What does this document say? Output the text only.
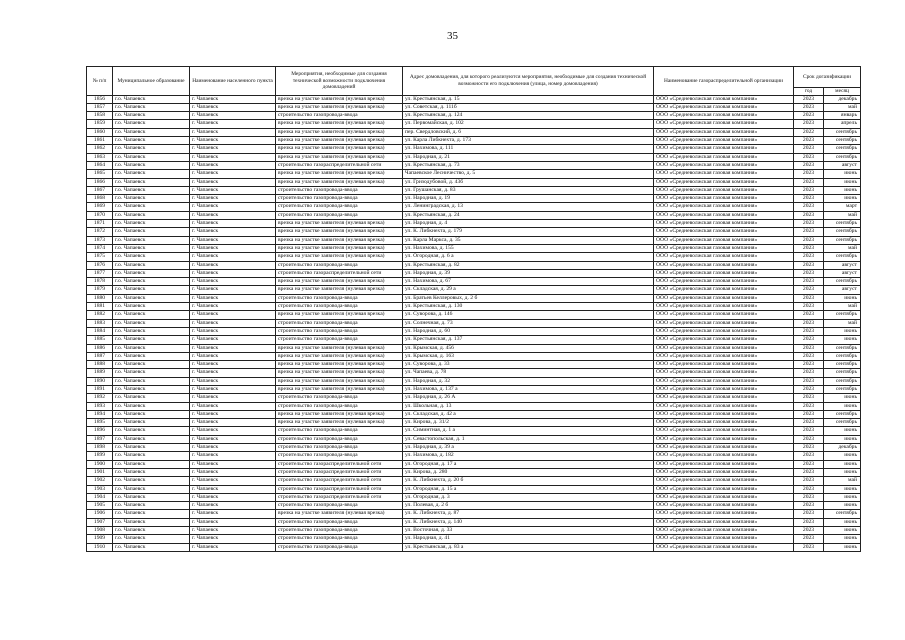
35
№ п/п	Муниципальное образование	Наименование населенного пункта	Мероприятия, необходимые для создания технической возможности подключения домовладений	Адрес домовладения, для которого реализуются мероприятия, необходимые для создания технической возможности его подключения (улица, номер домовладения)	Наименование газораспределительной организации	Срок догазификации	
						год	месяц
1856	г.о. Чапаевск	г. Чапаевск	врезка на участке заявителя (нулевая врезка)	ул. Крестьянская, д. 15	ООО «Средневолжская газовая компания»	2023	декабрь
1857	г.о. Чапаевск	г. Чапаевск	врезка на участке заявителя (нулевая врезка)	ул. Советская, д. 111б	ООО «Средневолжская газовая компания»	2023	май
1858	г.о. Чапаевск	г. Чапаевск	строительство газопровода-ввода	ул. Крестьянская, д. 124	ООО «Средневолжская газовая компания»	2023	январь
1859	г.о. Чапаевск	г. Чапаевск	врезка на участке заявителя (нулевая врезка)	ул. Первомайская, д. 102	ООО «Средневолжская газовая компания»	2023	апрель
1860	г.о. Чапаевск	г. Чапаевск	врезка на участке заявителя (нулевая врезка)	пер. Свердловский, д. 6	ООО «Средневолжская газовая компания»	2022	сентябрь
1861	г.о. Чапаевск	г. Чапаевск	врезка на участке заявителя (нулевая врезка)	ул. Карла Либкнехта, д. 173	ООО «Средневолжская газовая компания»	2023	сентябрь
1862	г.о. Чапаевск	г. Чапаевск	врезка на участке заявителя (нулевая врезка)	ул. Нахимова, д. 111	ООО «Средневолжская газовая компания»	2023	сентябрь
1863	г.о. Чапаевск	г. Чапаевск	врезка на участке заявителя (нулевая врезка)	ул. Народная, д. 21	ООО «Средневолжская газовая компания»	2023	сентябрь
1864	г.о. Чапаевск	г. Чапаевск	строительство газораспределительной сети	ул. Крестьянская, д. 73	ООО «Средневолжская газовая компания»	2023	август
1865	г.о. Чапаевск	г. Чапаевск	врезка на участке заявителя (нулевая врезка)	Чапаевское Лесничество, д. 5	ООО «Средневолжская газовая компания»	2023	июнь
1866	г.о. Чапаевск	г. Чапаевск	врезка на участке заявителя (нулевая врезка)	ул. Гризодубовой, д. 43б	ООО «Средневолжская газовая компания»	2023	июнь
1867	г.о. Чапаевск	г. Чапаевск	строительство газопровода-ввода	ул. Грушанская, д. 83	ООО «Средневолжская газовая компания»	2023	июнь
1868	г.о. Чапаевск	г. Чапаевск	строительство газопровода-ввода	ул. Народная, д. 19	ООО «Средневолжская газовая компания»	2023	июнь
1869	г.о. Чапаевск	г. Чапаевск	строительство газопровода-ввода	ул. Ленинградская, д. 13	ООО «Средневолжская газовая компания»	2023	март
1870	г.о. Чапаевск	г. Чапаевск	строительство газопровода-ввода	ул. Крестьянская, д. 24	ООО «Средневолжская газовая компания»	2023	май
1871	г.о. Чапаевск	г. Чапаевск	врезка на участке заявителя (нулевая врезка)	ул. Народная, д. 4	ООО «Средневолжская газовая компания»	2023	сентябрь
1872	г.о. Чапаевск	г. Чапаевск	врезка на участке заявителя (нулевая врезка)	ул. К. Либкнехта, д. 179	ООО «Средневолжская газовая компания»	2023	сентябрь
1873	г.о. Чапаевск	г. Чапаевск	врезка на участке заявителя (нулевая врезка)	ул. Карла Маркса, д. 35	ООО «Средневолжская газовая компания»	2023	сентябрь
1874	г.о. Чапаевск	г. Чапаевск	врезка на участке заявителя (нулевая врезка)	ул. Нахимова, д. 155	ООО «Средневолжская газовая компания»	2023	май
1875	г.о. Чапаевск	г. Чапаевск	врезка на участке заявителя (нулевая врезка)	ул. Огородная, д. 6 а	ООО «Средневолжская газовая компания»	2023	сентябрь
1876	г.о. Чапаевск	г. Чапаевск	строительство газопровода-ввода	ул. Крестьянская, д. 82	ООО «Средневолжская газовая компания»	2023	август
1877	г.о. Чапаевск	г. Чапаевск	строительство газораспределительной сети	ул. Народная, д. 39	ООО «Средневолжская газовая компания»	2023	август
1878	г.о. Чапаевск	г. Чапаевск	врезка на участке заявителя (нулевая врезка)	ул. Нахимова, д. 67	ООО «Средневолжская газовая компания»	2023	сентябрь
1879	г.о. Чапаевск	г. Чапаевск	врезка на участке заявителя (нулевая врезка)	ул. Складская, д. 29 а	ООО «Средневолжская газовая компания»	2023	август
1880	г.о. Чапаевск	г. Чапаевск	строительство газопровода-ввода	ул. Братьев Келлеровых, д. 2 б	ООО «Средневолжская газовая компания»	2023	июнь
1881	г.о. Чапаевск	г. Чапаевск	строительство газопровода-ввода	ул. Крестьянская, д. 130	ООО «Средневолжская газовая компания»	2023	май
1882	г.о. Чапаевск	г. Чапаевск	врезка на участке заявителя (нулевая врезка)	ул. Суворова, д. 146	ООО «Средневолжская газовая компания»	2023	сентябрь
1883	г.о. Чапаевск	г. Чапаевск	строительство газопровода-ввода	ул. Солнечная, д. 73	ООО «Средневолжская газовая компания»	2023	май
1884	г.о. Чапаевск	г. Чапаевск	строительство газопровода-ввода	ул. Народная, д. 60	ООО «Средневолжская газовая компания»	2023	июнь
1885	г.о. Чапаевск	г. Чапаевск	строительство газопровода-ввода	ул. Крестьянская, д. 137	ООО «Средневолжская газовая компания»	2023	июнь
1886	г.о. Чапаевск	г. Чапаевск	врезка на участке заявителя (нулевая врезка)	ул. Крымская, д. 456	ООО «Средневолжская газовая компания»	2023	сентябрь
1887	г.о. Чапаевск	г. Чапаевск	врезка на участке заявителя (нулевая врезка)	ул. Крымская, д. 163	ООО «Средневолжская газовая компания»	2023	сентябрь
1888	г.о. Чапаевск	г. Чапаевск	врезка на участке заявителя (нулевая врезка)	ул. Суворова, д. 33	ООО «Средневолжская газовая компания»	2023	сентябрь
1889	г.о. Чапаевск	г. Чапаевск	врезка на участке заявителя (нулевая врезка)	ул. Чапаева, д. 78	ООО «Средневолжская газовая компания»	2023	сентябрь
1890	г.о. Чапаевск	г. Чапаевск	врезка на участке заявителя (нулевая врезка)	ул. Народная, д. 32	ООО «Средневолжская газовая компания»	2023	сентябрь
1891	г.о. Чапаевск	г. Чапаевск	врезка на участке заявителя (нулевая врезка)	ул. Нахимова, д. 137 а	ООО «Средневолжская газовая компания»	2023	сентябрь
1892	г.о. Чапаевск	г. Чапаевск	строительство газопровода-ввода	ул. Народная, д. 26 А	ООО «Средневолжская газовая компания»	2023	июнь
1893	г.о. Чапаевск	г. Чапаевск	строительство газопровода-ввода	ул. Школьная, д. 13	ООО «Средневолжская газовая компания»	2023	июнь
1894	г.о. Чапаевск	г. Чапаевск	врезка на участке заявителя (нулевая врезка)	ул. Складская, д. 42 а	ООО «Средневолжская газовая компания»	2023	сентябрь
1895	г.о. Чапаевск	г. Чапаевск	врезка на участке заявителя (нулевая врезка)	ул. Кирова, д. 31/2	ООО «Средневолжская газовая компания»	2023	сентябрь
1896	г.о. Чапаевск	г. Чапаевск	строительство газопровода-ввода	ул. Симинтная, д. 1 а	ООО «Средневолжская газовая компания»	2023	июнь
1897	г.о. Чапаевск	г. Чапаевск	строительство газопровода-ввода	ул. Севастопольская, д. 1	ООО «Средневолжская газовая компания»	2023	июнь
1898	г.о. Чапаевск	г. Чапаевск	строительство газопровода-ввода	ул. Народная, д. 39 а	ООО «Средневолжская газовая компания»	2023	декабрь
1899	г.о. Чапаевск	г. Чапаевск	строительство газопровода-ввода	ул. Нахимова, д. 182	ООО «Средневолжская газовая компания»	2023	июнь
1900	г.о. Чапаевск	г. Чапаевск	строительство газораспределительной сети	ул. Огородная, д. 17 а	ООО «Средневолжская газовая компания»	2023	июнь
1901	г.о. Чапаевск	г. Чапаевск	строительство газораспределительной сети	ул. Кирова, д. 280	ООО «Средневолжская газовая компания»	2023	июнь
1902	г.о. Чапаевск	г. Чапаевск	строительство газораспределительной сети	ул. К. Либкнехта, д. 20 б	ООО «Средневолжская газовая компания»	2023	май
1903	г.о. Чапаевск	г. Чапаевск	строительство газораспределительной сети	ул. Огородная, д. 15 а	ООО «Средневолжская газовая компания»	2023	июнь
1904	г.о. Чапаевск	г. Чапаевск	строительство газораспределительной сети	ул. Огородная, д. 3	ООО «Средневолжская газовая компания»	2023	июнь
1905	г.о. Чапаевск	г. Чапаевск	строительство газопровода-ввода	ул. Полевая, д. 2 б	ООО «Средневолжская газовая компания»	2023	июнь
1906	г.о. Чапаевск	г. Чапаевск	врезка на участке заявителя (нулевая врезка)	ул. К. Либкнехта, д. 87	ООО «Средневолжская газовая компания»	2023	сентябрь
1907	г.о. Чапаевск	г. Чапаевск	строительство газопровода-ввода	ул. К. Либкнехта, д. 140	ООО «Средневолжская газовая компания»	2023	июнь
1908	г.о. Чапаевск	г. Чапаевск	строительство газопровода-ввода	ул. Восточная, д. 33	ООО «Средневолжская газовая компания»	2023	июнь
1909	г.о. Чапаевск	г. Чапаевск	строительство газопровода-ввода	ул. Народная, д. 41	ООО «Средневолжская газовая компания»	2023	июнь
1910	г.о. Чапаевск	г. Чапаевск	строительство газопровода-ввода	ул. Крестьянская, д. 83 а	ООО «Средневолжская газовая компания»	2023	июнь
